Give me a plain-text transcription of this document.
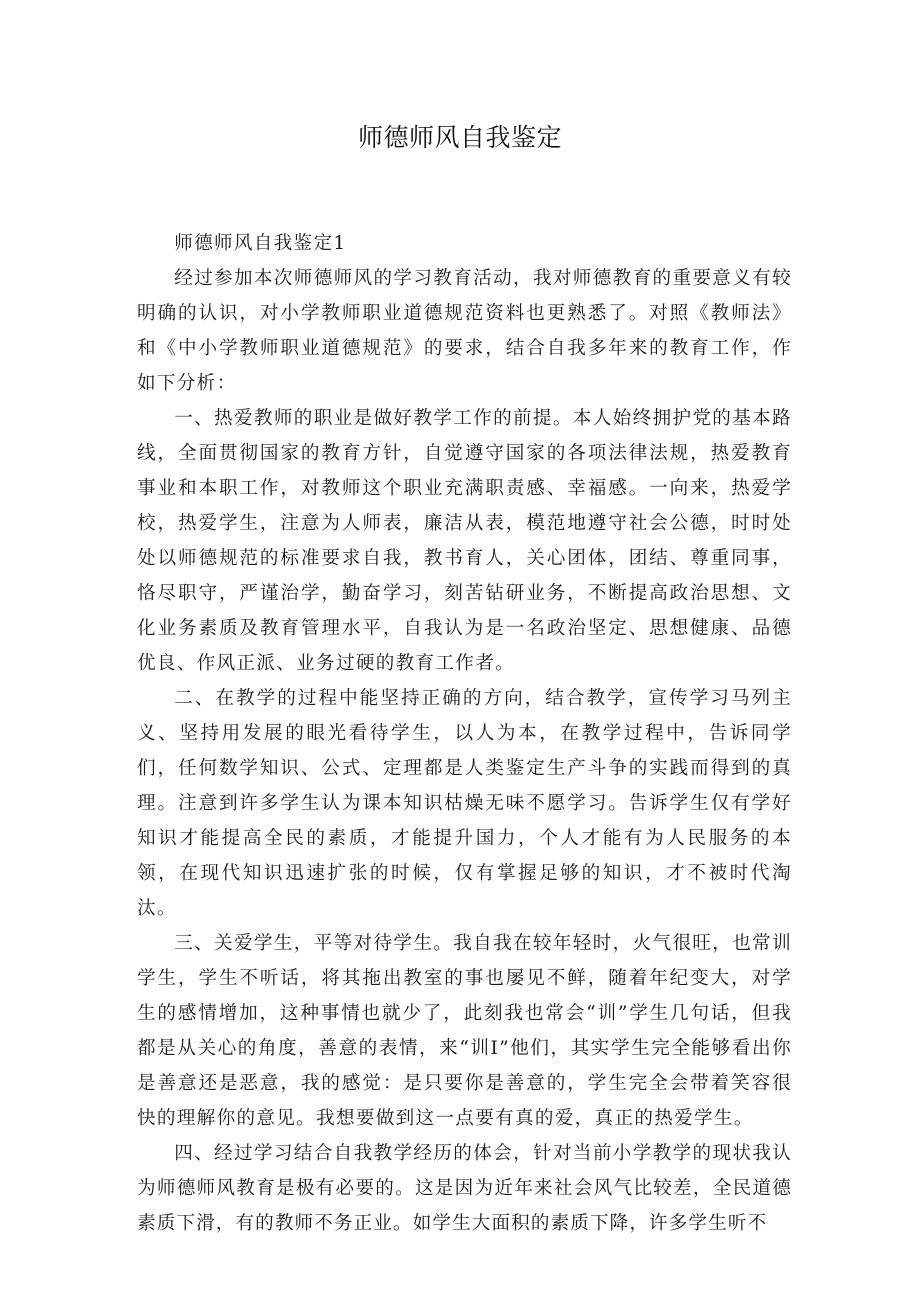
师德师风自我鉴定

师德师风自我鉴定1

经过参加本次师德师风的学习教育活动，我对师德教育的重要意义有较明确的认识，对小学教师职业道德规范资料也更熟悉了。对照《教师法》和《中小学教师职业道德规范》的要求，结合自我多年来的教育工作，作如下分析：

一、热爱教师的职业是做好教学工作的前提。本人始终拥护党的基本路线，全面贯彻国家的教育方针，自觉遵守国家的各项法律法规，热爱教育事业和本职工作，对教师这个职业充满职责感、幸福感。一向来，热爱学校，热爱学生，注意为人师表，廉洁从表，模范地遵守社会公德，时时处处以师德规范的标准要求自我，教书育人，关心团体，团结、尊重同事，恪尽职守，严谨治学，勤奋学习，刻苦钻研业务，不断提高政治思想、文化业务素质及教育管理水平，自我认为是一名政治坚定、思想健康、品德优良、作风正派、业务过硬的教育工作者。

二、在教学的过程中能坚持正确的方向，结合教学，宣传学习马列主义、坚持用发展的眼光看待学生，以人为本，在教学过程中，告诉同学们，任何数学知识、公式、定理都是人类鉴定生产斗争的实践而得到的真理。注意到许多学生认为课本知识枯燥无味不愿学习。告诉学生仅有学好知识才能提高全民的素质，才能提升国力，个人才能有为人民服务的本领，在现代知识迅速扩张的时候，仅有掌握足够的知识，才不被时代淘汰。

三、关爱学生，平等对待学生。我自我在较年轻时，火气很旺，也常训学生，学生不听话，将其拖出教室的事也屡见不鲜，随着年纪变大，对学生的感情增加，这种事情也就少了，此刻我也常会“训”学生几句话，但我都是从关心的角度，善意的表情，来“训I”他们，其实学生完全能够看出你是善意还是恶意，我的感觉：是只要你是善意的，学生完全会带着笑容很快的理解你的意见。我想要做到这一点要有真的爱，真正的热爱学生。

四、经过学习结合自我教学经历的体会，针对当前小学教学的现状我认为师德师风教育是极有必要的。这是因为近年来社会风气比较差，全民道德素质下滑，有的教师不务正业。如学生大面积的素质下降，许多学生听不
